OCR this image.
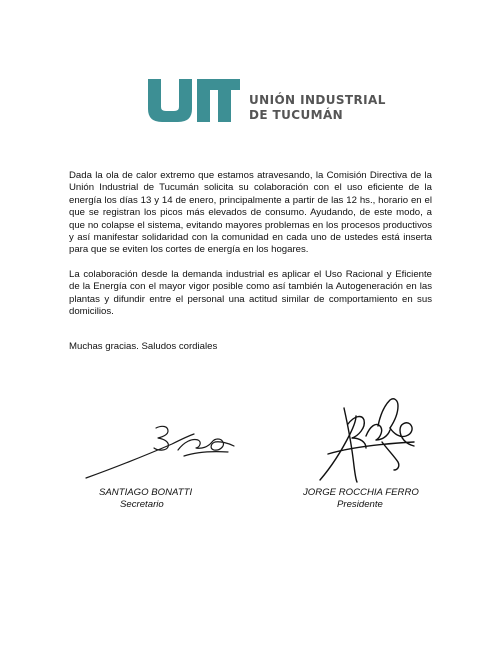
UNIÓN INDUSTRIAL
DE TUCUMÁN

Dada la ola de calor extremo que estamos atravesando, la Comisión Directiva de la Unión Industrial de Tucumán solicita su colaboración con el uso eficiente de la energía los días 13 y 14 de enero, principalmente a partir de las 12 hs., horario en el que se registran los picos más elevados de consumo. Ayudando, de este modo, a que no colapse el sistema, evitando mayores problemas en los procesos productivos y así manifestar solidaridad con la comunidad en cada uno de ustedes está inserta para que se eviten los cortes de energía en los hogares.

La colaboración desde la demanda industrial es aplicar el Uso Racional y Eficiente de la Energía con el mayor vigor posible como así también la Autogeneración en las plantas y difundir entre el personal una actitud similar de comportamiento en sus domicilios.

Muchas gracias. Saludos cordiales
SANTIAGO BONATTI
Secretario
JORGE ROCCHIA FERRO
Presidente
